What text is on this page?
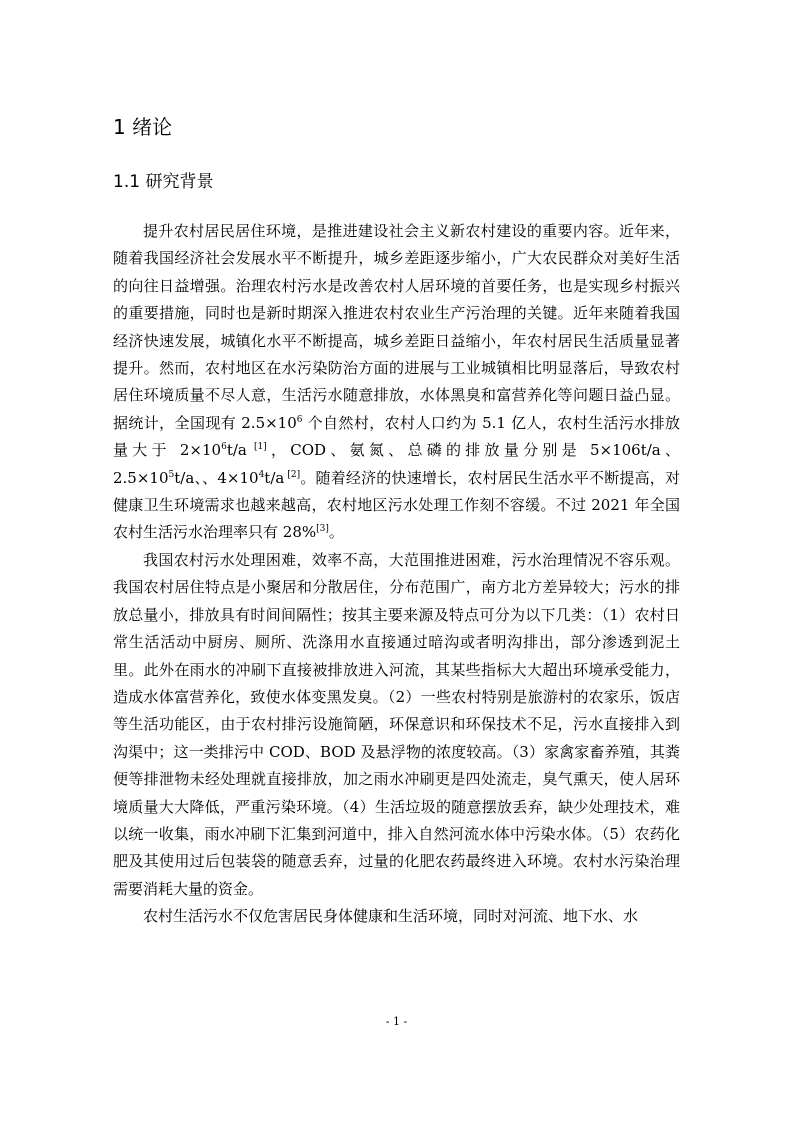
1 绪论
1.1 研究背景

提升农村居民居住环境，是推进建设社会主义新农村建设的重要内容。近年来，随着我国经济社会发展水平不断提升，城乡差距逐步缩小，广大农民群众对美好生活的向往日益增强。治理农村污水是改善农村人居环境的首要任务，也是实现乡村振兴的重要措施，同时也是新时期深入推进农村农业生产污治理的关键。近年来随着我国经济快速发展，城镇化水平不断提高，城乡差距日益缩小，年农村居民生活质量显著提升。然而，农村地区在水污染防治方面的进展与工业城镇相比明显落后，导致农村居住环境质量不尽人意，生活污水随意排放，水体黑臭和富营养化等问题日益凸显。据统计，全国现有 $2.5\times 10^6$ 个自然村，农村人口约为 5.1 亿人，农村生活污水排放量大于 $2\times 10^6t/a$ [1]，COD、氨氮、总磷的排放量分别是 5×106t/a、$2.5\times 10^5t/a$、、$4\times 10^4t/a$ [2]。随着经济的快速增长，农村居民生活水平不断提高，对健康卫生环境需求也越来越高，农村地区污水处理工作刻不容缓。不过 2021 年全国农村生活污水治理率只有 28%[3]。

我国农村污水处理困难，效率不高，大范围推进困难，污水治理情况不容乐观。我国农村居住特点是小聚居和分散居住，分布范围广，南方北方差异较大；污水的排放总量小，排放具有时间间隔性；按其主要来源及特点可分为以下几类：（1）农村日常生活活动中厨房、厕所、洗涤用水直接通过暗沟或者明沟排出，部分渗透到泥土里。此外在雨水的冲刷下直接被排放进入河流，其某些指标大大超出环境承受能力，造成水体富营养化，致使水体变黑发臭。（2）一些农村特别是旅游村的农家乐，饭店等生活功能区，由于农村排污设施简陋，环保意识和环保技术不足，污水直接排入到沟渠中；这一类排污中 COD、BOD 及悬浮物的浓度较高。（3）家禽家畜养殖，其粪便等排泄物未经处理就直接排放，加之雨水冲刷更是四处流走，臭气熏天，使人居环境质量大大降低，严重污染环境。（4）生活垃圾的随意摆放丢弃，缺少处理技术，难以统一收集，雨水冲刷下汇集到河道中，排入自然河流水体中污染水体。（5）农药化肥及其使用过后包装袋的随意丢弃，过量的化肥农药最终进入环境。农村水污染治理需要消耗大量的资金。

农村生活污水不仅危害居民身体健康和生活环境，同时对河流、地下水、水

- 1 -
